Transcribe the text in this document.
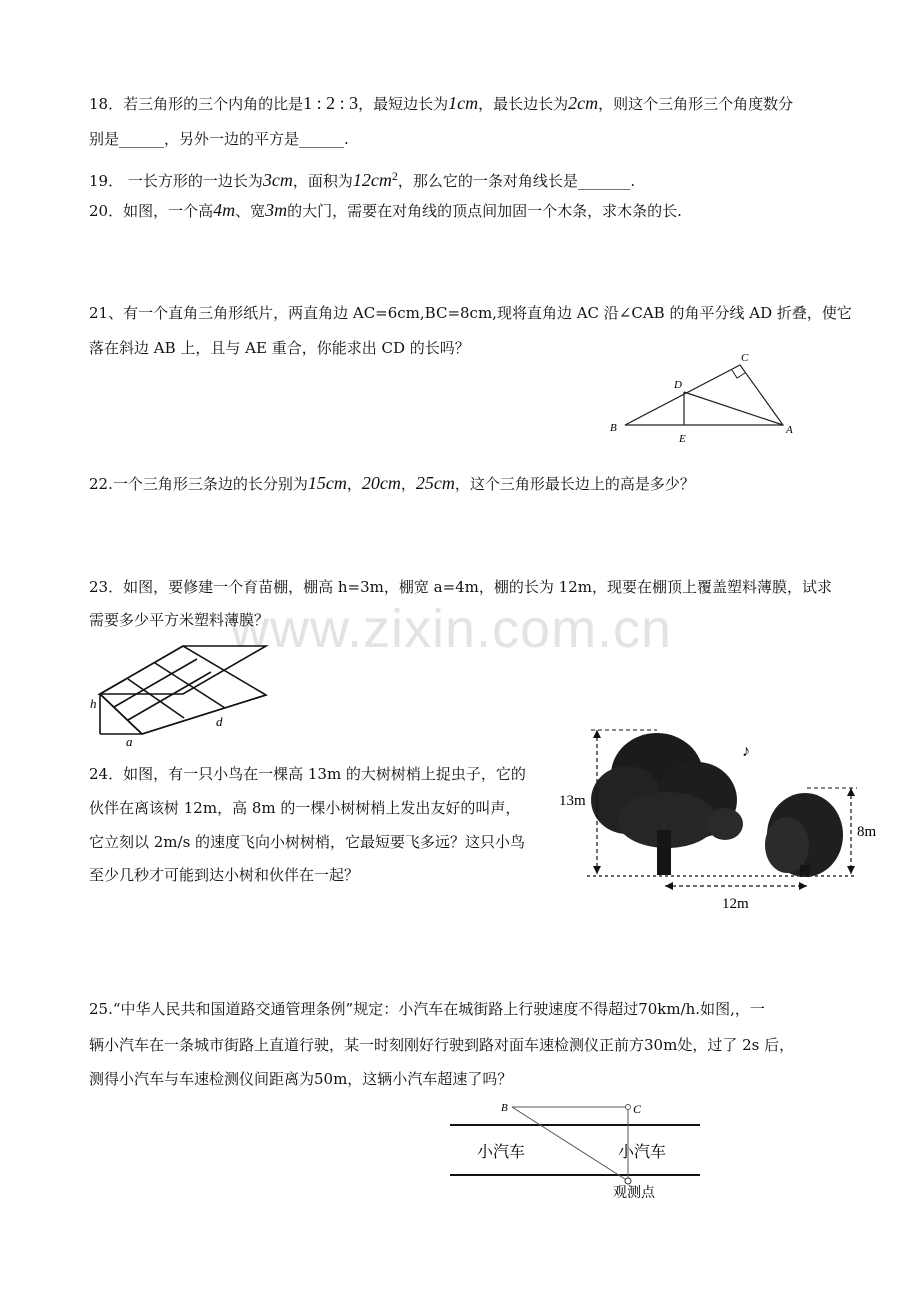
www.zixin.com.cn
18．若三角形的三个内角的比是1 : 2 : 3，最短边长为1cm，最长边长为2cm，则这个三角形三个角度数分
别是______，另外一边的平方是______.
19． 一长方形的一边长为3cm，面积为$12cm^2$，那么它的一条对角线长是_______.
20．如图，一个高4m、宽3m的大门，需要在对角线的顶点间加固一个木条，求木条的长.
21、有一个直角三角形纸片，两直角边 AC=6cm,BC=8cm,现将直角边 AC 沿∠CAB 的角平分线 AD 折叠，使它
落在斜边 AB 上，且与 AE 重合，你能求出 CD 的长吗？
B
E
A
D
C
22.一个三角形三条边的长分别为15cm，20cm，25cm，这个三角形最长边上的高是多少？
23．如图，要修建一个育苗棚，棚高 h=3m，棚宽 a=4m，棚的长为 12m，现要在棚顶上覆盖塑料薄膜，试求
需要多少平方米塑料薄膜？
h
a
d
24．如图，有一只小鸟在一棵高 13m 的大树树梢上捉虫子，它的
伙伴在离该树 12m，高 8m 的一棵小树树梢上发出友好的叫声，
它立刻以 2m/s 的速度飞向小树树梢，它最短要飞多远？这只小鸟
至少几秒才可能到达小树和伙伴在一起？
♪
13m
8m
12m
25.“中华人民共和国道路交通管理条例”规定：小汽车在城街路上行驶速度不得超过70km/h.如图,，一
辆小汽车在一条城市街路上直道行驶，某一时刻刚好行驶到路对面车速检测仪正前方30m处，过了 2s 后，
测得小汽车与车速检测仪间距离为50m，这辆小汽车超速了吗？
B	C
小汽车	小汽车
观测点
